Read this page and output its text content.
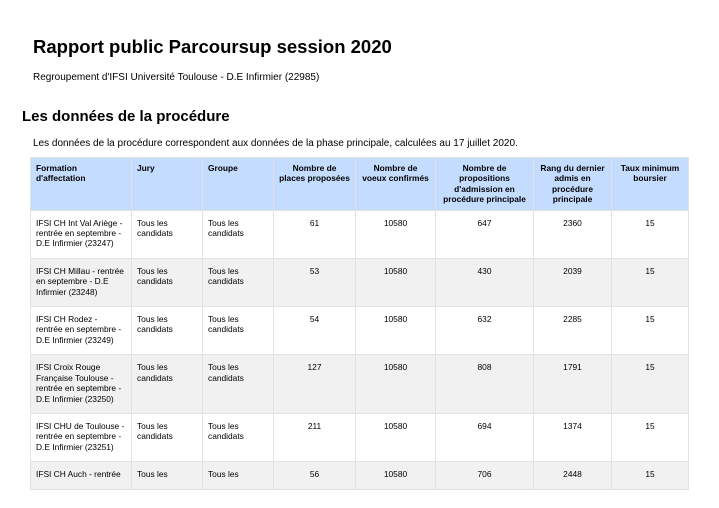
Rapport public Parcoursup session 2020
Regroupement d'IFSI Université Toulouse - D.E Infirmier (22985)
Les données de la procédure
Les données de la procédure correspondent aux données de la phase principale, calculées au 17 juillet 2020.
Formation d'affectation	Jury	Groupe	Nombre de places proposées	Nombre de voeux confirmés	Nombre de propositions d'admission en procédure principale	Rang du dernier admis en procédure principale	Taux minimum boursier
IFSI CH Int Val Ariège - rentrée en septembre - D.E Infirmier (23247)	Tous les candidats	Tous les candidats	61	10580	647	2360	15
IFSI CH Millau - rentrée en septembre - D.E Infirmier (23248)	Tous les candidats	Tous les candidats	53	10580	430	2039	15
IFSI CH Rodez - rentrée en septembre - D.E Infirmier (23249)	Tous les candidats	Tous les candidats	54	10580	632	2285	15
IFSI Croix Rouge Française Toulouse - rentrée en septembre - D.E Infirmier (23250)	Tous les candidats	Tous les candidats	127	10580	808	1791	15
IFSI CHU de Toulouse - rentrée en septembre - D.E Infirmier (23251)	Tous les candidats	Tous les candidats	211	10580	694	1374	15
IFSI CH Auch - rentrée	Tous les	Tous les	56	10580	706	2448	15
